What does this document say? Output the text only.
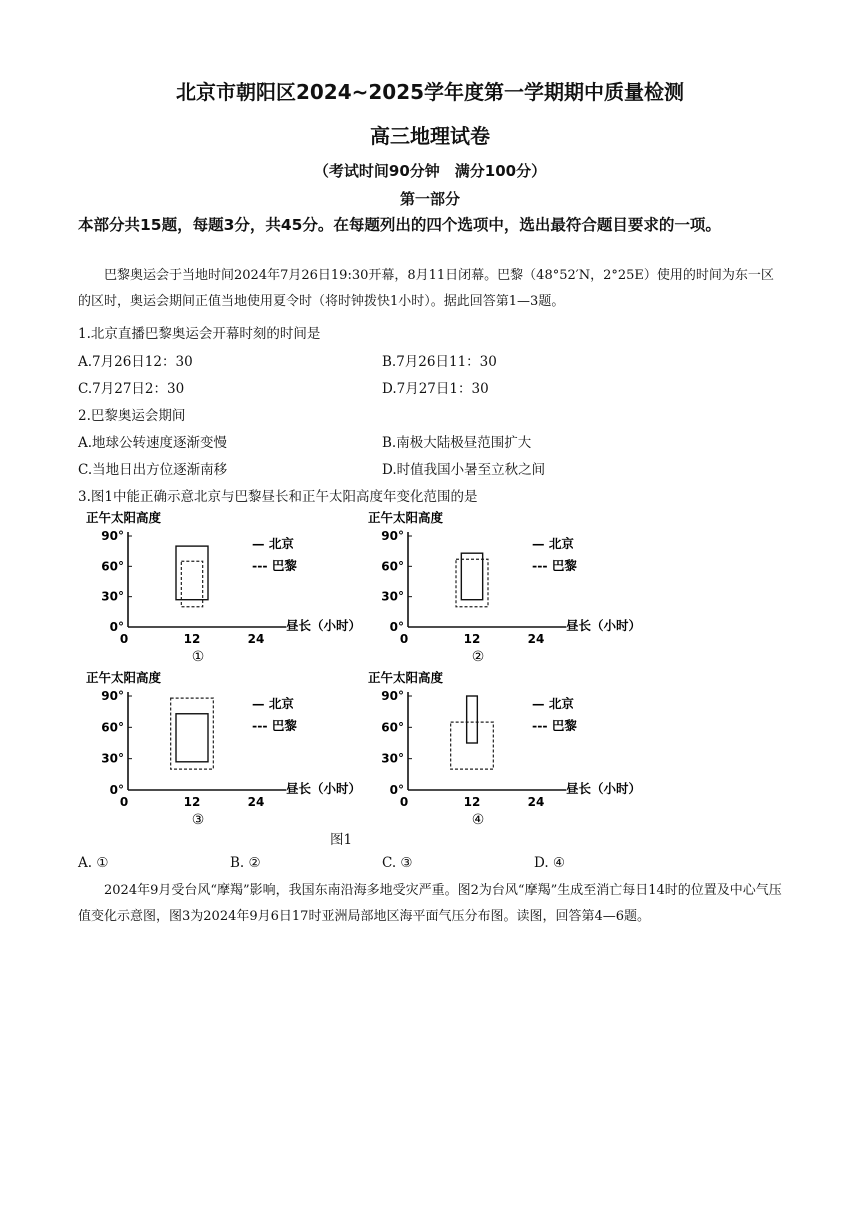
北京市朝阳区2024~2025学年度第一学期期中质量检测
高三地理试卷
（考试时间90分钟　满分100分）
第一部分
本部分共15题，每题3分，共45分。在每题列出的四个选项中，选出最符合题目要求的一项。
巴黎奥运会于当地时间2024年7月26日19:30开幕，8月11日闭幕。巴黎（48°52′N，2°25E）使用的时间为东一区的区时，奥运会期间正值当地使用夏令时（将时钟拨快1小时）。据此回答第1—3题。
1.北京直播巴黎奥运会开幕时刻的时间是
A.7月26日12：30	B.7月26日11：30
C.7月27日2：30	D.7月27日1：30
2.巴黎奥运会期间
A.地球公转速度逐渐变慢	B.南极大陆极昼范围扩大
C.当地日出方位逐渐南移	D.时值我国小暑至立秋之间
3.图1中能正确示意北京与巴黎昼长和正午太阳高度年变化范围的是
正午太阳高度
90°
60°
30°
0°
0	12	24
昼长（小时）
— 北京
--- 巴黎
①
正午太阳高度
90°
60°
30°
0°
0	12	24
昼长（小时）
— 北京
--- 巴黎
②
正午太阳高度
90°
60°
30°
0°
0	12	24
昼长（小时）
— 北京
--- 巴黎
③
正午太阳高度
90°
60°
30°
0°
0	12	24
昼长（小时）
— 北京
--- 巴黎
④
图1
A. ①	B. ②	C. ③	D. ④
2024年9月受台风“摩羯”影响，我国东南沿海多地受灾严重。图2为台风“摩羯”生成至消亡每日14时的位置及中心气压值变化示意图，图3为2024年9月6日17时亚洲局部地区海平面气压分布图。读图，回答第4—6题。
